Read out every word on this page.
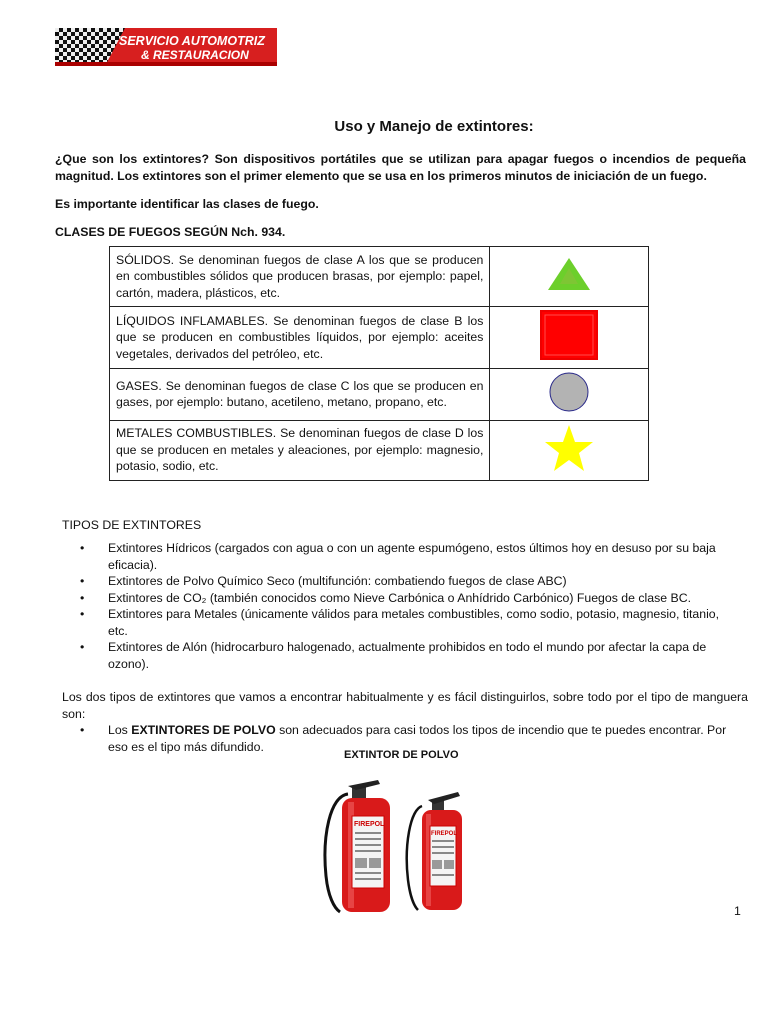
SERVICIO AUTOMOTRIZ
& RESTAURACION
Uso y Manejo de extintores:
¿Que son los extintores? Son dispositivos portátiles que se utilizan para apagar fuegos o incendios de pequeña magnitud. Los extintores son el primer elemento que se usa en los primeros minutos de iniciación de un fuego.
Es importante identificar las clases de fuego.
CLASES DE FUEGOS SEGÚN Nch. 934.
SÓLIDOS. Se denominan fuegos de clase A los que se producen en combustibles sólidos que producen brasas, por ejemplo: papel, cartón, madera, plásticos, etc.	
LÍQUIDOS INFLAMABLES. Se denominan fuegos de clase B los que se producen en combustibles líquidos, por ejemplo: aceites vegetales, derivados del petróleo, etc.	
GASES. Se denominan fuegos de clase C los que se producen en gases, por ejemplo: butano, acetileno, metano, propano, etc.	
METALES COMBUSTIBLES. Se denominan fuegos de clase D los que se producen en metales y aleaciones, por ejemplo: magnesio, potasio, sodio, etc.	
TIPOS DE EXTINTORES
• Extintores Hídricos (cargados con agua o con un agente espumógeno, estos últimos hoy en desuso por su baja eficacia).
• Extintores de Polvo Químico Seco (multifunción: combatiendo fuegos de clase ABC)
• Extintores de CO₂ (también conocidos como Nieve Carbónica o Anhídrido Carbónico) Fuegos de clase BC.
• Extintores para Metales (únicamente válidos para metales combustibles, como sodio, potasio, magnesio, titanio, etc.
• Extintores de Alón (hidrocarburo halogenado, actualmente prohibidos en todo el mundo por afectar la capa de ozono).
Los dos tipos de extintores que vamos a encontrar habitualmente y es fácil distinguirlos, sobre todo por el tipo de manguera son:
• Los EXTINTORES DE POLVO son adecuados para casi todos los tipos de incendio que te puedes encontrar. Por eso es el tipo más difundido.
EXTINTOR DE POLVO
FIREPOL
FIREPOL
1
